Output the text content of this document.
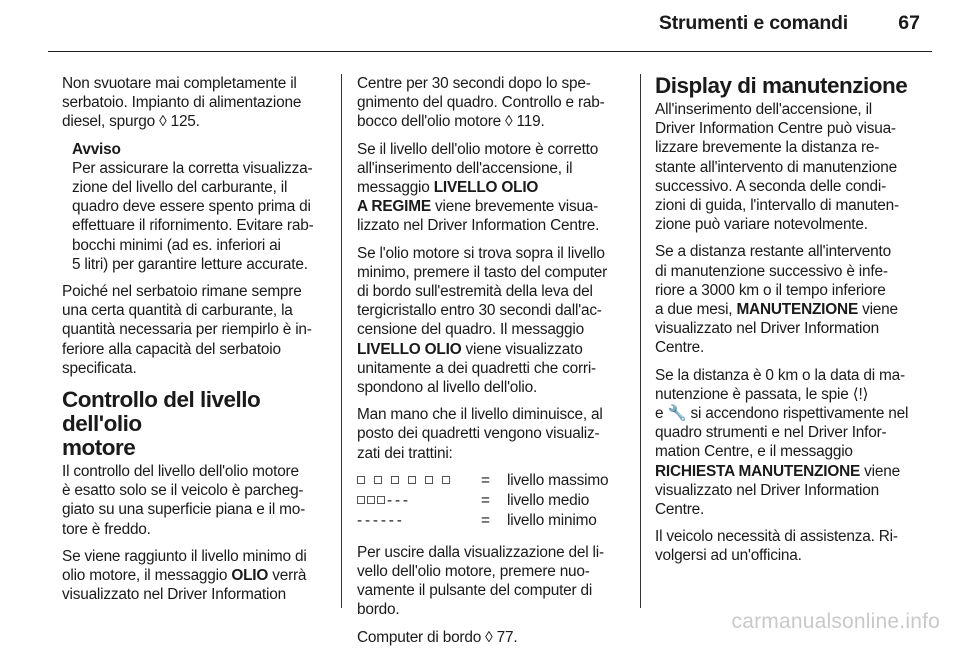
Strumenti e comandi	67

Non svuotare mai completamente il
serbatoio. Impianto di alimentazione
diesel, spurgo ◊ 125.

Avviso

Per assicurare la corretta visualizza-
zione del livello del carburante, il
quadro deve essere spento prima di
effettuare il rifornimento. Evitare rab-
bocchi minimi (ad es. inferiori ai
5 litri) per garantire letture accurate.

Poiché nel serbatoio rimane sempre
una certa quantità di carburante, la
quantità necessaria per riempirlo è in-
feriore alla capacità del serbatoio
specificata.

Controllo del livello dell'olio
motore

Il controllo del livello dell'olio motore
è esatto solo se il veicolo è parcheg-
giato su una superficie piana e il mo-
tore è freddo.

Se viene raggiunto il livello minimo di
olio motore, il messaggio OLIO verrà
visualizzato nel Driver Information

Centre per 30 secondi dopo lo spe-
gnimento del quadro. Controllo e rab-
bocco dell'olio motore ◊ 119.

Se il livello dell'olio motore è corretto
all'inserimento dell'accensione, il
messaggio LIVELLO OLIO
A REGIME viene brevemente visua-
lizzato nel Driver Information Centre.

Se l'olio motore si trova sopra il livello
minimo, premere il tasto del computer
di bordo sull'estremità della leva del
tergicristallo entro 30 secondi dall'ac-
censione del quadro. Il messaggio
LIVELLO OLIO viene visualizzato
unitamente a dei quadretti che corri-
spondono al livello dell'olio.

Man mano che il livello diminuisce, al
posto dei quadretti vengono visualiz-
zati dei trattini:

	=	livello massimo
- - -	=	livello medio
- - - - - -	=	livello minimo

Per uscire dalla visualizzazione del li-
vello dell'olio motore, premere nuo-
vamente il pulsante del computer di
bordo.

Computer di bordo ◊ 77.

Display di manutenzione

All'inserimento dell'accensione, il
Driver Information Centre può visua-
lizzare brevemente la distanza re-
stante all'intervento di manutenzione
successivo. A seconda delle condi-
zioni di guida, l'intervallo di manuten-
zione può variare notevolmente.

Se a distanza restante all'intervento
di manutenzione successivo è infe-
riore a 3000 km o il tempo inferiore
a due mesi, MANUTENZIONE viene
visualizzato nel Driver Information
Centre.

Se la distanza è 0 km o la data di ma-
nutenzione è passata, le spie ⟨!⟩
e 🔧 si accendono rispettivamente nel
quadro strumenti e nel Driver Infor-
mation Centre, e il messaggio
RICHIESTA MANUTENZIONE viene
visualizzato nel Driver Information
Centre.

Il veicolo necessità di assistenza. Ri-
volgersi ad un'officina.

carmanualsonline.info
